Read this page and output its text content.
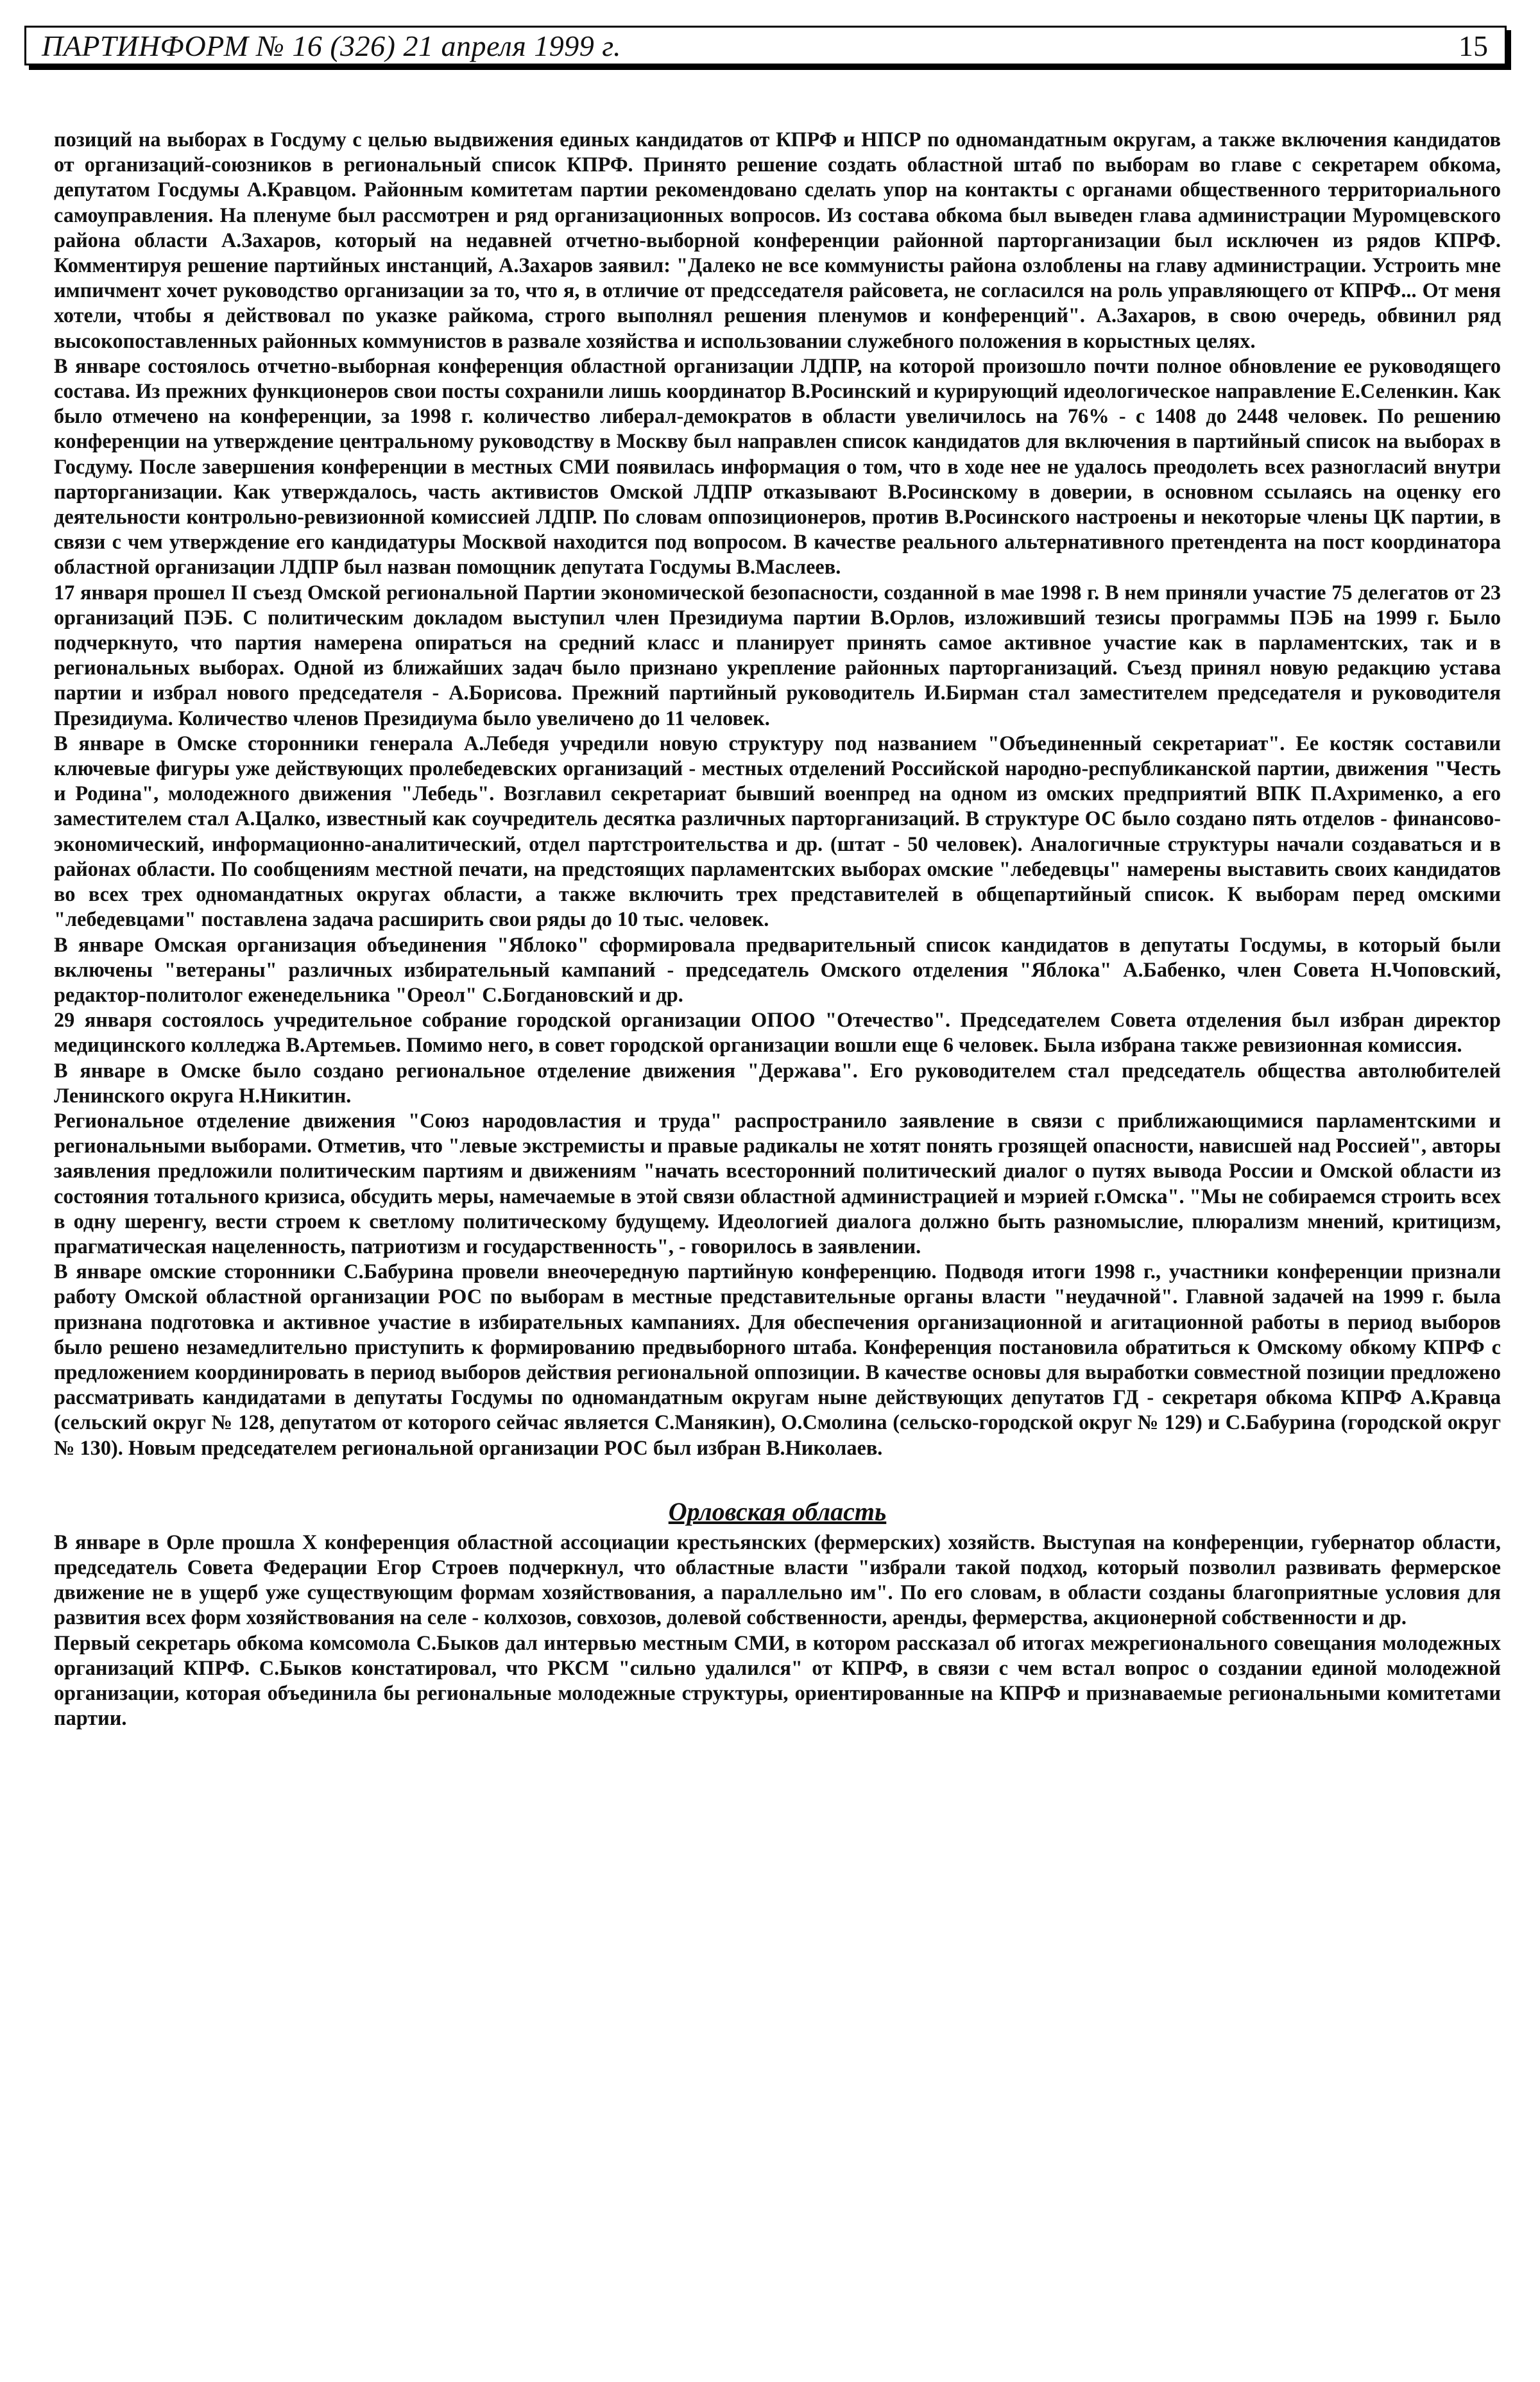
ПАРТИНФОРМ № 16 (326) 21 апреля 1999 г.	15

позиций на выборах в Госдуму с целью выдвижения единых кандидатов от КПРФ и НПСР по одномандатным округам, а также включения кандидатов от организаций-союзников в региональный список КПРФ. Принято решение создать областной штаб по выборам во главе с секретарем обкома, депутатом Госдумы А.Кравцом. Районным комитетам партии рекомендовано сделать упор на контакты с органами общественного территориального самоуправления. На пленуме был рассмотрен и ряд организационных вопросов. Из состава обкома был выведен глава администрации Муромцевского района области А.Захаров, который на недавней отчетно-выборной конференции районной парторганизации был исключен из рядов КПРФ. Комментируя решение партийных инстанций, А.Захаров заявил: "Далеко не все коммунисты района озлоблены на главу администрации. Устроить мне импичмент хочет руководство организации за то, что я, в отличие от предсседателя райсовета, не согласился на роль управляющего от КПРФ... От меня хотели, чтобы я действовал по указке райкома, строго выполнял решения пленумов и конференций". А.Захаров, в свою очередь, обвинил ряд высокопоставленных районных коммунистов в развале хозяйства и использовании служебного положения в корыстных целях.

В январе состоялось отчетно-выборная конференция областной организации ЛДПР, на которой произошло почти полное обновление ее руководящего состава. Из прежних функционеров свои посты сохранили лишь координатор В.Росинский и курирующий идеологическое направление Е.Селенкин. Как было отмечено на конференции, за 1998 г. количество либерал-демократов в области увеличилось на 76% - с 1408 до 2448 человек. По решению конференции на утверждение центральному руководству в Москву был направлен список кандидатов для включения в партийный список на выборах в Госдуму. После завершения конференции в местных СМИ появилась информация о том, что в ходе нее не удалось преодолеть всех разногласий внутри парторганизации. Как утверждалось, часть активистов Омской ЛДПР отказывают В.Росинскому в доверии, в основном ссылаясь на оценку его деятельности контрольно-ревизионной комиссией ЛДПР. По словам оппозиционеров, против В.Росинского настроены и некоторые члены ЦК партии, в связи с чем утверждение его кандидатуры Москвой находится под вопросом. В качестве реального альтернативного претендента на пост координатора областной организации ЛДПР был назван помощник депутата Госдумы В.Маслеев.

17 января прошел II съезд Омской региональной Партии экономической безопасности, созданной в мае 1998 г. В нем приняли участие 75 делегатов от 23 организаций ПЭБ. С политическим докладом выступил член Президиума партии В.Орлов, изложивший тезисы программы ПЭБ на 1999 г. Было подчеркнуто, что партия намерена опираться на средний класс и планирует принять самое активное участие как в парламентских, так и в региональных выборах. Одной из ближайших задач было признано укрепление районных парторганизаций. Съезд принял новую редакцию устава партии и избрал нового председателя - А.Борисова. Прежний партийный руководитель И.Бирман стал заместителем председателя и руководителя Президиума. Количество членов Президиума было увеличено до 11 человек.

В январе в Омске сторонники генерала А.Лебедя учредили новую структуру под названием "Объединенный секретариат". Ее костяк составили ключевые фигуры уже действующих пролебедевских организаций - местных отделений Российской народно-республиканской партии, движения "Честь и Родина", молодежного движения "Лебедь". Возглавил секретариат бывший военпред на одном из омских предприятий ВПК П.Ахрименко, а его заместителем стал А.Цалко, известный как соучредитель десятка различных парторганизаций. В структуре ОС было создано пять отделов - финансово-экономический, информационно-аналитический, отдел партстроительства и др. (штат - 50 человек). Аналогичные структуры начали создаваться и в районах области. По сообщениям местной печати, на предстоящих парламентских выборах омские "лебедевцы" намерены выставить своих кандидатов во всех трех одномандатных округах области, а также включить трех представителей в общепартийный список. К выборам перед омскими "лебедевцами" поставлена задача расширить свои ряды до 10 тыс. человек.

В январе Омская организация объединения "Яблоко" сформировала предварительный список кандидатов в депутаты Госдумы, в который были включены "ветераны" различных избирательный кампаний - председатель Омского отделения "Яблока" А.Бабенко, член Совета Н.Чоповский, редактор-политолог еженедельника "Ореол" С.Богдановский и др.

29 января состоялось учредительное собрание городской организации ОПОО "Отечество". Председателем Совета отделения был избран директор медицинского колледжа В.Артемьев. Помимо него, в совет городской организации вошли еще 6 человек. Была избрана также ревизионная комиссия.

В январе в Омске было создано региональное отделение движения "Держава". Его руководителем стал председатель общества автолюбителей Ленинского округа Н.Никитин.

Региональное отделение движения "Союз народовластия и труда" распространило заявление в связи с приближающимися парламентскими и региональными выборами. Отметив, что "левые экстремисты и правые радикалы не хотят понять грозящей опасности, нависшей над Россией", авторы заявления предложили политическим партиям и движениям "начать всесторонний политический диалог о путях вывода России и Омской области из состояния тотального кризиса, обсудить меры, намечаемые в этой связи областной администрацией и мэрией г.Омска". "Мы не собираемся строить всех в одну шеренгу, вести строем к светлому политическому будущему. Идеологией диалога должно быть разномыслие, плюрализм мнений, критицизм, прагматическая нацеленность, патриотизм и государственность", - говорилось в заявлении.

В январе омские сторонники С.Бабурина провели внеочередную партийную конференцию. Подводя итоги 1998 г., участники конференции признали работу Омской областной организации РОС по выборам в местные представительные органы власти "неудачной". Главной задачей на 1999 г. была признана подготовка и активное участие в избирательных кампаниях. Для обеспечения организационной и агитационной работы в период выборов было решено незамедлительно приступить к формированию предвыборного штаба. Конференция постановила обратиться к Омскому обкому КПРФ с предложением координировать в период выборов действия региональной оппозиции. В качестве основы для выработки совместной позиции предложено рассматривать кандидатами в депутаты Госдумы по одномандатным округам ныне действующих депутатов ГД - секретаря обкома КПРФ А.Кравца (сельский округ № 128, депутатом от которого сейчас является С.Манякин), О.Смолина (сельско-городской округ № 129) и С.Бабурина (городской округ № 130). Новым председателем региональной организации РОС был избран В.Николаев.

Орловская область

В январе в Орле прошла X конференция областной ассоциации крестьянских (фермерских) хозяйств. Выступая на конференции, губернатор области, председатель Совета Федерации Егор Строев подчеркнул, что областные власти "избрали такой подход, который позволил развивать фермерское движение не в ущерб уже существующим формам хозяйствования, а параллельно им". По его словам, в области созданы благоприятные условия для развития всех форм хозяйствования на селе - колхозов, совхозов, долевой собственности, аренды, фермерства, акционерной собственности и др.

Первый секретарь обкома комсомола С.Быков дал интервью местным СМИ, в котором рассказал об итогах межрегионального совещания молодежных организаций КПРФ. С.Быков констатировал, что РКСМ "сильно удалился" от КПРФ, в связи с чем встал вопрос о создании единой молодежной организации, которая объединила бы региональные молодежные структуры, ориентированные на КПРФ и признаваемые региональными комитетами партии.
